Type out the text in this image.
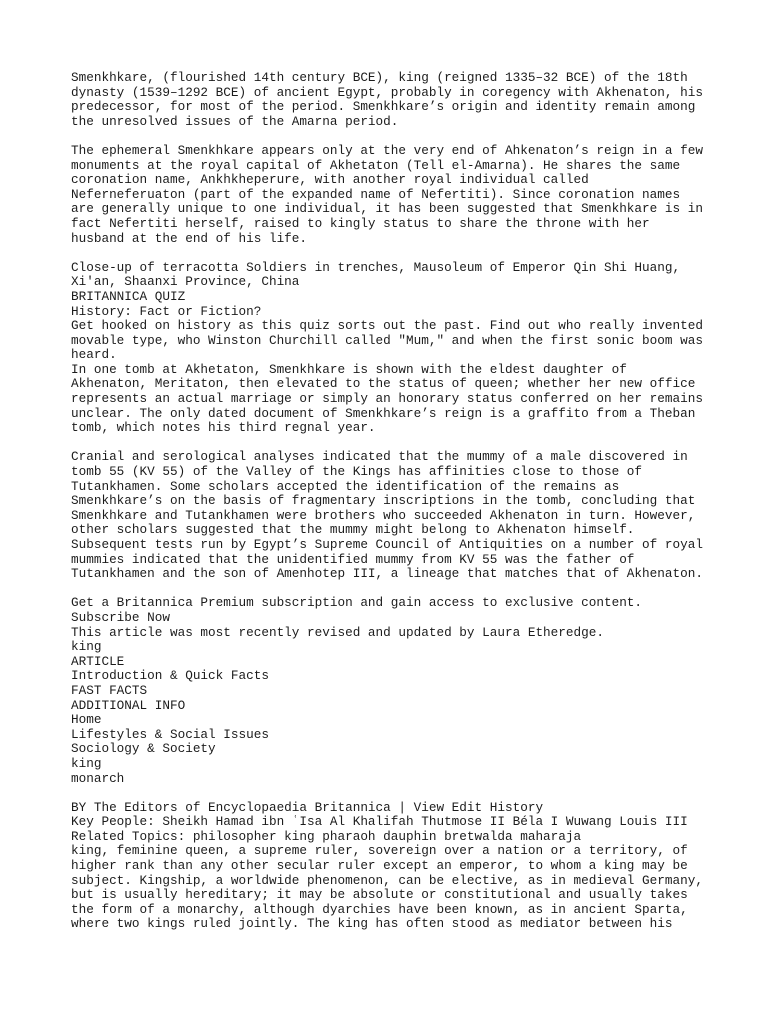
Smenkhkare, (flourished 14th century BCE), king (reigned 1335–32 BCE) of the 18th
dynasty (1539–1292 BCE) of ancient Egypt, probably in coregency with Akhenaton, his
predecessor, for most of the period. Smenkhkare’s origin and identity remain among
the unresolved issues of the Amarna period.
The ephemeral Smenkhkare appears only at the very end of Ahkenaton’s reign in a few
monuments at the royal capital of Akhetaton (Tell el-Amarna). He shares the same
coronation name, Ankhkheperure, with another royal individual called
Neferneferuaton (part of the expanded name of Nefertiti). Since coronation names
are generally unique to one individual, it has been suggested that Smenkhkare is in
fact Nefertiti herself, raised to kingly status to share the throne with her
husband at the end of his life.
Close-up of terracotta Soldiers in trenches, Mausoleum of Emperor Qin Shi Huang,
Xi'an, Shaanxi Province, China
BRITANNICA QUIZ
History: Fact or Fiction?
Get hooked on history as this quiz sorts out the past. Find out who really invented
movable type, who Winston Churchill called "Mum," and when the first sonic boom was
heard.
In one tomb at Akhetaton, Smenkhkare is shown with the eldest daughter of
Akhenaton, Meritaton, then elevated to the status of queen; whether her new office
represents an actual marriage or simply an honorary status conferred on her remains
unclear. The only dated document of Smenkhkare’s reign is a graffito from a Theban
tomb, which notes his third regnal year.
Cranial and serological analyses indicated that the mummy of a male discovered in
tomb 55 (KV 55) of the Valley of the Kings has affinities close to those of
Tutankhamen. Some scholars accepted the identification of the remains as
Smenkhkare’s on the basis of fragmentary inscriptions in the tomb, concluding that
Smenkhkare and Tutankhamen were brothers who succeeded Akhenaton in turn. However,
other scholars suggested that the mummy might belong to Akhenaton himself.
Subsequent tests run by Egypt’s Supreme Council of Antiquities on a number of royal
mummies indicated that the unidentified mummy from KV 55 was the father of
Tutankhamen and the son of Amenhotep III, a lineage that matches that of Akhenaton.
Get a Britannica Premium subscription and gain access to exclusive content.
Subscribe Now
This article was most recently revised and updated by Laura Etheredge.
king
ARTICLE
Introduction & Quick Facts
FAST FACTS
ADDITIONAL INFO
Home
Lifestyles & Social Issues
Sociology & Society
king
monarch
BY The Editors of Encyclopaedia Britannica | View Edit History
Key People: Sheikh Hamad ibn ʿIsa Al Khalifah Thutmose II Béla I Wuwang Louis III
Related Topics: philosopher king pharaoh dauphin bretwalda maharaja
king, feminine queen, a supreme ruler, sovereign over a nation or a territory, of
higher rank than any other secular ruler except an emperor, to whom a king may be
subject. Kingship, a worldwide phenomenon, can be elective, as in medieval Germany,
but is usually hereditary; it may be absolute or constitutional and usually takes
the form of a monarchy, although dyarchies have been known, as in ancient Sparta,
where two kings ruled jointly. The king has often stood as mediator between his
